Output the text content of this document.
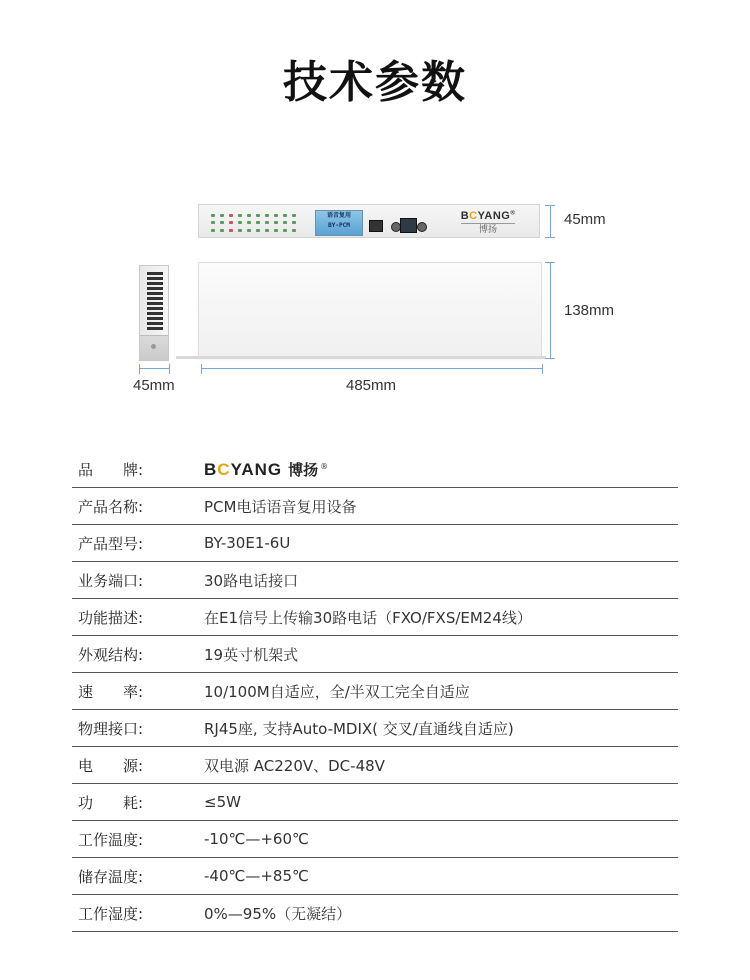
技术参数
语音复用
BY-PCM
BCYANG®
博扬
45mm
138mm
45mm	485mm
品　　牌:	BCYANG 博扬 ®
产品名称:	PCM电话语音复用设备
产品型号:	BY-30E1-6U
业务端口:	30路电话接口
功能描述:	在E1信号上传输30路电话（FXO/FXS/EM24线）
外观结构:	19英寸机架式
速　　率:	10/100M自适应，全/半双工完全自适应
物理接口:	RJ45座, 支持Auto-MDIX( 交叉/直通线自适应)
电　　源:	双电源 AC220V、DC-48V
功　　耗:	≤5W
工作温度:	-10℃—+60℃
储存温度:	-40℃—+85℃
工作湿度:	0%—95%（无凝结）
